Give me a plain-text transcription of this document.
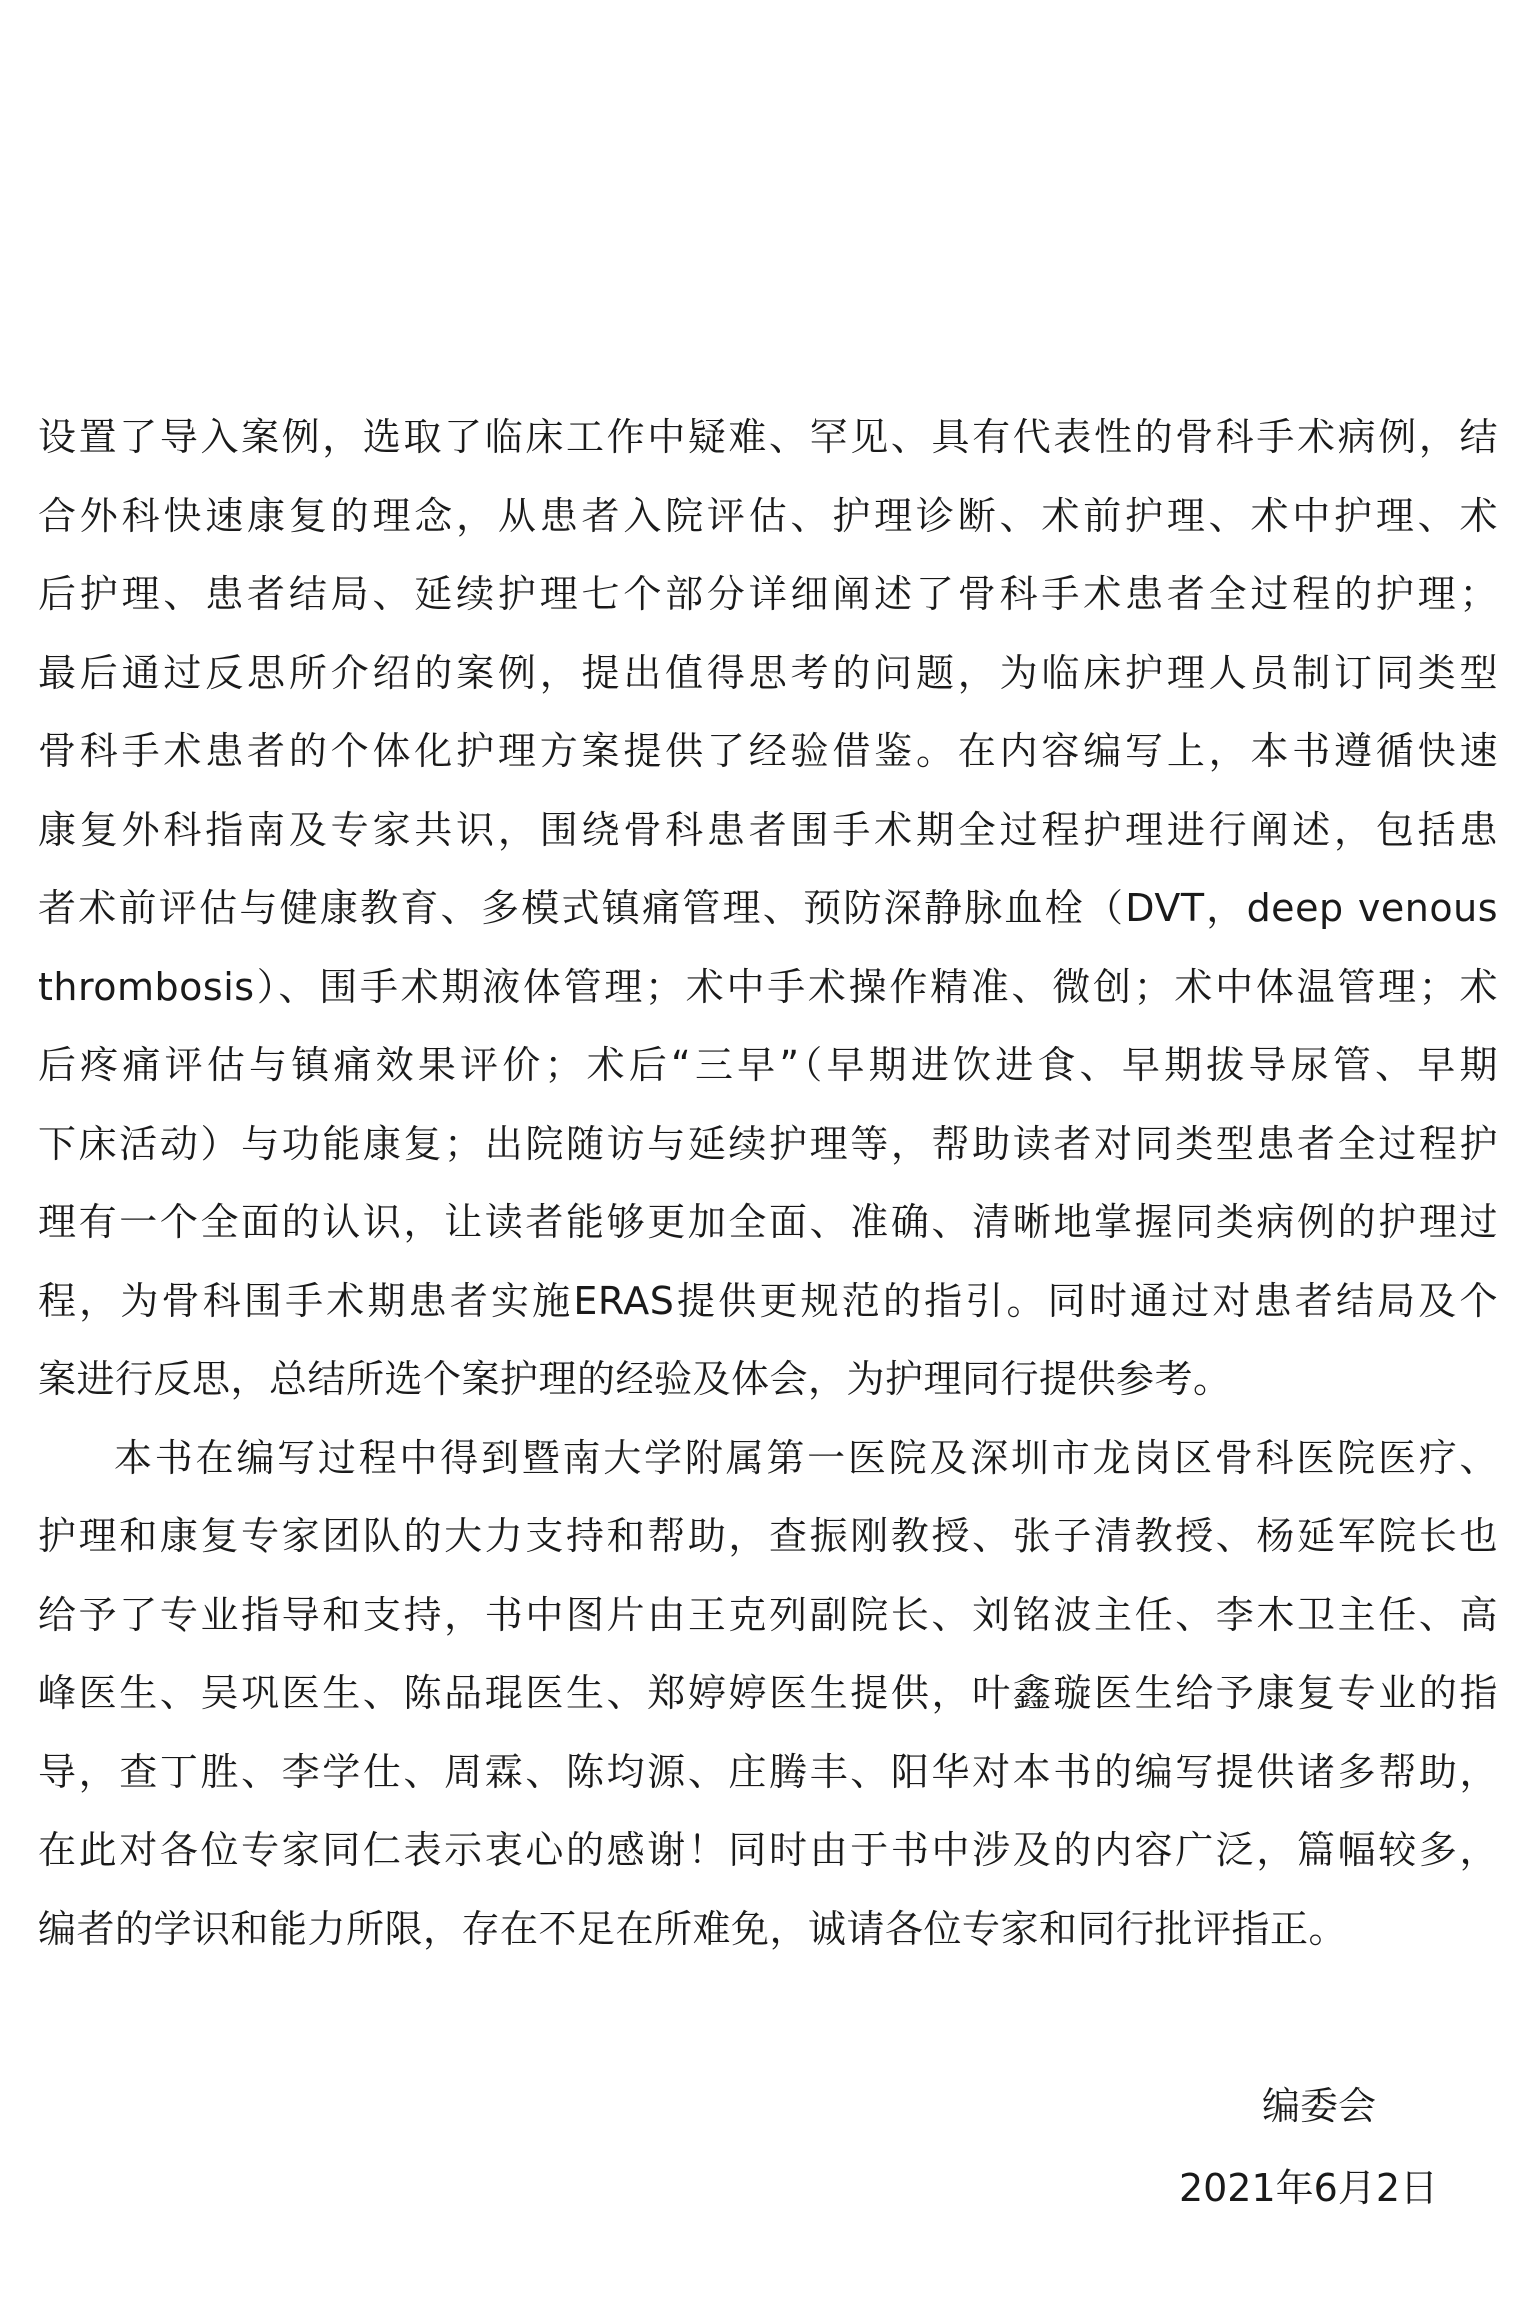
设置了导入案例，选取了临床工作中疑难、罕见、具有代表性的骨科手术病例，结
合外科快速康复的理念，从患者入院评估、护理诊断、术前护理、术中护理、术
后护理、患者结局、延续护理七个部分详细阐述了骨科手术患者全过程的护理；
最后通过反思所介绍的案例，提出值得思考的问题，为临床护理人员制订同类型
骨科手术患者的个体化护理方案提供了经验借鉴。在内容编写上，本书遵循快速
康复外科指南及专家共识，围绕骨科患者围手术期全过程护理进行阐述，包括患
者术前评估与健康教育、多模式镇痛管理、预防深静脉血栓（DVT，deep venous
thrombosis）、围手术期液体管理；术中手术操作精准、微创；术中体温管理；术
后疼痛评估与镇痛效果评价；术后“三早”（早期进饮进食、早期拔导尿管、早期
下床活动）与功能康复；出院随访与延续护理等，帮助读者对同类型患者全过程护
理有一个全面的认识，让读者能够更加全面、准确、清晰地掌握同类病例的护理过
程，为骨科围手术期患者实施ERAS提供更规范的指引。同时通过对患者结局及个
案进行反思，总结所选个案护理的经验及体会，为护理同行提供参考。
本书在编写过程中得到暨南大学附属第一医院及深圳市龙岗区骨科医院医疗、
护理和康复专家团队的大力支持和帮助，查振刚教授、张子清教授、杨延军院长也
给予了专业指导和支持，书中图片由王克列副院长、刘铭波主任、李木卫主任、高
峰医生、吴巩医生、陈品琨医生、郑婷婷医生提供，叶鑫璇医生给予康复专业的指
导，查丁胜、李学仕、周霖、陈均源、庄腾丰、阳华对本书的编写提供诸多帮助，
在此对各位专家同仁表示衷心的感谢！同时由于书中涉及的内容广泛，篇幅较多，
编者的学识和能力所限，存在不足在所难免，诚请各位专家和同行批评指正。
编委会
2021年6月2日
